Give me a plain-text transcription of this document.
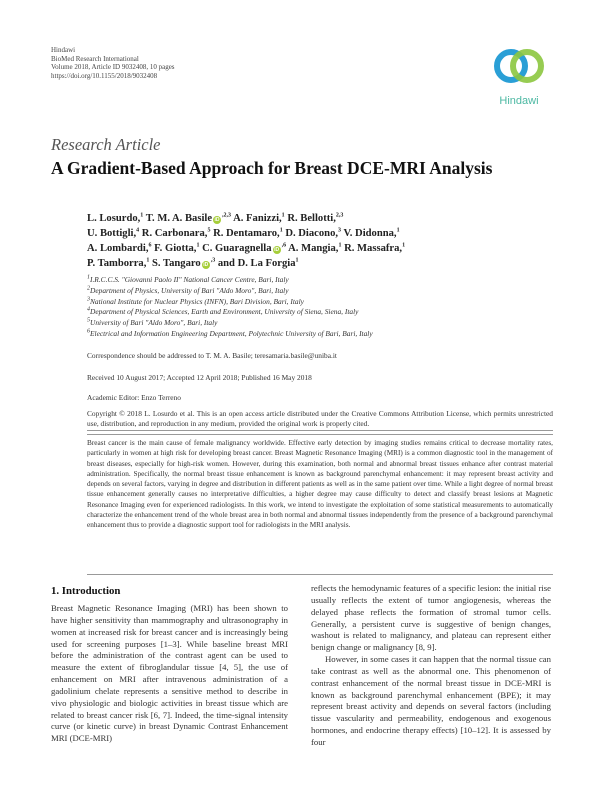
Hindawi
BioMed Research International
Volume 2018, Article ID 9032408, 10 pages
https://doi.org/10.1155/2018/9032408
Hindawi
Research Article
A Gradient-Based Approach for Breast DCE-MRI Analysis
L. Losurdo,$^1$ T. M. A. Basile $iD^{,2,3}$ A. Fanizzi,$^1$ R. Bellotti,$^{2,3}$
U. Bottigli,$^4$ R. Carbonara,$^5$ R. Dentamaro,$^1$ D. Diacono,$^3$ V. Didonna,$^1$
A. Lombardi,$^6$ F. Giotta,$^1$ C. Guaragnella $iD^{,6}$ A. Mangia,$^1$ R. Massafra,$^1$
P. Tamborra,$^1$ S. Tangaro $iD^{,3}$ and D. La Forgia$^1$
$^1$I.R.C.C.S. "Giovanni Paolo II" National Cancer Centre, Bari, Italy
$^2$Department of Physics, University of Bari "Aldo Moro", Bari, Italy
$^3$National Institute for Nuclear Physics (INFN), Bari Division, Bari, Italy
$^4$Department of Physical Sciences, Earth and Environment, University of Siena, Siena, Italy
$^5$University of Bari "Aldo Moro", Bari, Italy
$^6$Electrical and Information Engineering Department, Polytechnic University of Bari, Bari, Italy
Correspondence should be addressed to T. M. A. Basile; teresamaria.basile@uniba.it
Received 10 August 2017; Accepted 12 April 2018; Published 16 May 2018
Academic Editor: Enzo Terreno
Copyright © 2018 L. Losurdo et al. This is an open access article distributed under the Creative Commons Attribution License, which permits unrestricted use, distribution, and reproduction in any medium, provided the original work is properly cited.
Breast cancer is the main cause of female malignancy worldwide. Effective early detection by imaging studies remains critical to decrease mortality rates, particularly in women at high risk for developing breast cancer. Breast Magnetic Resonance Imaging (MRI) is a common diagnostic tool in the management of breast diseases, especially for high-risk women. However, during this examination, both normal and abnormal breast tissues enhance after contrast material administration. Specifically, the normal breast tissue enhancement is known as background parenchymal enhancement: it may represent breast activity and depends on several factors, varying in degree and distribution in different patients as well as in the same patient over time. While a light degree of normal breast tissue enhancement generally causes no interpretative difficulties, a higher degree may cause difficulty to detect and classify breast lesions at Magnetic Resonance Imaging even for experienced radiologists. In this work, we intend to investigate the exploitation of some statistical measurements to automatically characterize the enhancement trend of the whole breast area in both normal and abnormal tissues independently from the presence of a background parenchymal enhancement thus to provide a diagnostic support tool for radiologists in the MRI analysis.
1. Introduction

Breast Magnetic Resonance Imaging (MRI) has been shown to have higher sensitivity than mammography and ultrasonography in women at increased risk for breast cancer and is increasingly being used for screening purposes [1–3]. While baseline breast MRI before the administration of the contrast agent can be used to measure the extent of fibroglandular tissue [4, 5], the use of enhancement on MRI after intravenous administration of a gadolinium chelate represents a sensitive method to describe in vivo physiologic and biologic activities in breast tissue which are related to breast cancer risk [6, 7]. Indeed, the time-signal intensity curve (or kinetic curve) in breast Dynamic Contrast Enhancement MRI (DCE-MRI)

reflects the hemodynamic features of a specific lesion: the initial rise usually reflects the extent of tumor angiogenesis, whereas the delayed phase reflects the formation of stromal tumor cells. Generally, a persistent curve is suggestive of benign changes, washout is related to malignancy, and plateau can represent either benign change or malignancy [8, 9].

However, in some cases it can happen that the normal tissue can take contrast as well as the abnormal one. This phenomenon of contrast enhancement of the normal breast tissue in DCE-MRI is known as background parenchymal enhancement (BPE); it may represent breast activity and depends on several factors (including tissue vascularity and permeability, endogenous and exogenous hormones, and endocrine therapy effects) [10–12]. It is assessed by four
